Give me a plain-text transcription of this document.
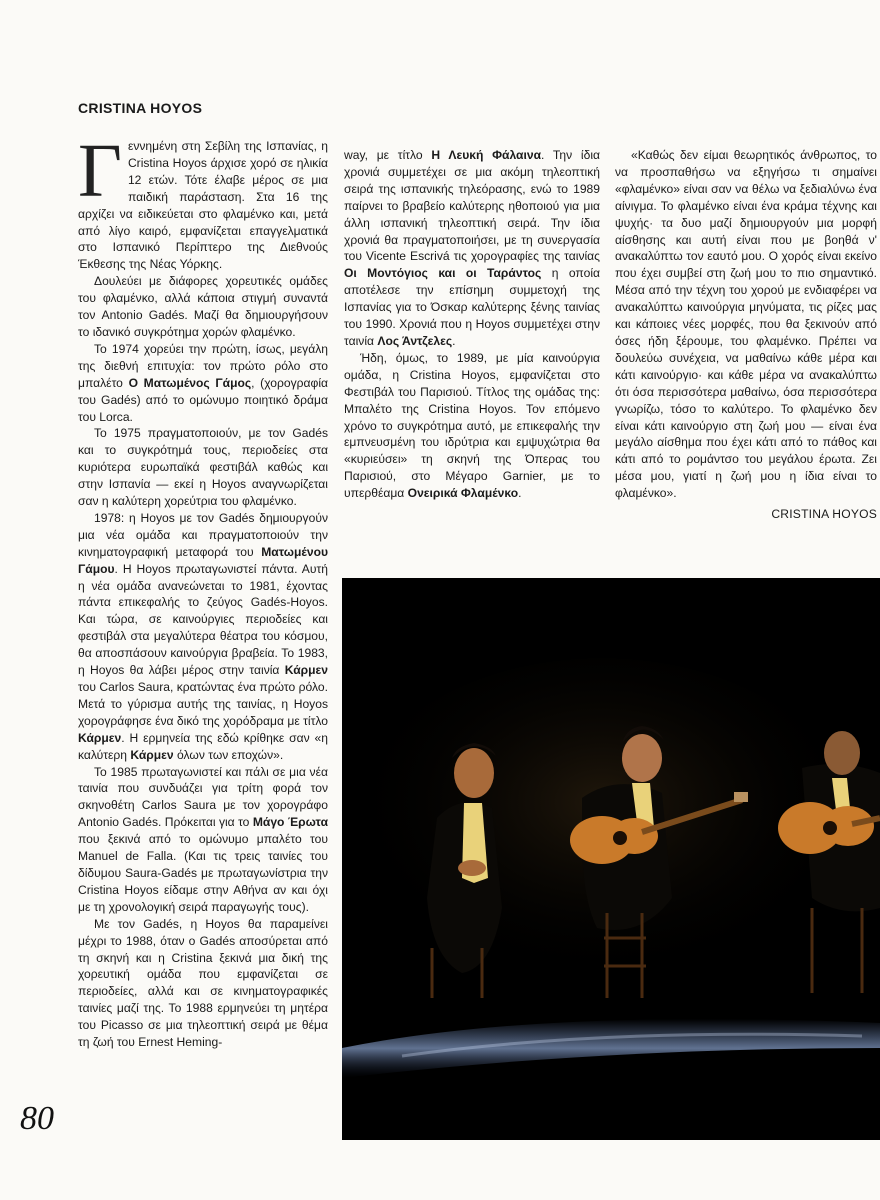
CRISTINA HOYOS
Γ εννημένη στη Σεβίλη της Ισπανίας, η Cristina Hoyos άρχισε χορό σε ηλικία 12 ετών. Τότε έλαβε μέρος σε μια παιδική παράσταση. Στα 16 της αρχίζει να ειδικεύεται στο φλαμένκο και, μετά από λίγο καιρό, εμφανίζεται επαγγελματικά στο Ισπανικό Περίπτερο της Διεθνούς Έκθεσης της Νέας Υόρκης.

Δουλεύει με διάφορες χορευτικές ομάδες του φλαμένκο, αλλά κάποια στιγμή συναντά τον Antonio Gadés. Μαζί θα δημιουργήσουν το ιδανικό συγκρότημα χορών φλαμένκο.

Το 1974 χορεύει την πρώτη, ίσως, μεγάλη της διεθνή επιτυχία: τον πρώτο ρόλο στο μπαλέτο Ο Ματωμένος Γάμος, (χορογραφία του Gadés) από το ομώνυμο ποιητικό δράμα του Lorca.

Το 1975 πραγματοποιούν, με τον Gadés και το συγκρότημά τους, περιοδείες στα κυριότερα ευρωπαϊκά φεστιβάλ καθώς και στην Ισπανία — εκεί η Hoyos αναγνωρίζεται σαν η καλύτερη χορεύτρια του φλαμένκο.

1978: η Hoyos με τον Gadés δημιουργούν μια νέα ομάδα και πραγματοποιούν την κινηματογραφική μεταφορά του Ματωμένου Γάμου. Η Hoyos πρωταγωνιστεί πάντα. Αυτή η νέα ομάδα ανανεώνεται το 1981, έχοντας πάντα επικεφαλής το ζεύγος Gadés-Hoyos. Και τώρα, σε καινούργιες περιοδείες και φεστιβάλ στα μεγαλύτερα θέατρα του κόσμου, θα αποσπάσουν καινούργια βραβεία. Το 1983, η Hoyos θα λάβει μέρος στην ταινία Κάρμεν του Carlos Saura, κρατώντας ένα πρώτο ρόλο. Μετά το γύρισμα αυτής της ταινίας, η Hoyos χορογράφησε ένα δικό της χορόδραμα με τίτλο Κάρμεν. Η ερμηνεία της εδώ κρίθηκε σαν «η καλύτερη Κάρμεν όλων των εποχών».

Το 1985 πρωταγωνιστεί και πάλι σε μια νέα ταινία που συνδυάζει για τρίτη φορά τον σκηνοθέτη Carlos Saura με τον χορογράφο Antonio Gadés. Πρόκειται για το Μάγο Έρωτα που ξεκινά από το ομώνυμο μπαλέτο του Manuel de Falla. (Και τις τρεις ταινίες του δίδυμου Saura-Gadés με πρωταγωνίστρια την Cristina Hoyos είδαμε στην Αθήνα αν και όχι με τη χρονολογική σειρά παραγωγής τους).

Με τον Gadés, η Hoyos θα παραμείνει μέχρι το 1988, όταν ο Gadés αποσύρεται από τη σκηνή και η Cristina ξεκινά μια δική της χορευτική ομάδα που εμφανίζεται σε περιοδείες, αλλά και σε κινηματογραφικές ταινίες μαζί της. Το 1988 ερμηνεύει τη μητέρα του Picasso σε μια τηλεοπτική σειρά με θέμα τη ζωή του Ernest Heming-

way, με τίτλο Η Λευκή Φάλαινα. Την ίδια χρονιά συμμετέχει σε μια ακόμη τηλεοπτική σειρά της ισπανικής τηλεόρασης, ενώ το 1989 παίρνει το βραβείο καλύτερης ηθοποιού για μια άλλη ισπανική τηλεοπτική σειρά. Την ίδια χρονιά θα πραγματοποιήσει, με τη συνεργασία του Vicente Escrivá τις χορογραφίες της ταινίας Οι Μοντόγιος και οι Ταράντος η οποία αποτέλεσε την επίσημη συμμετοχή της Ισπανίας για το Όσκαρ καλύτερης ξένης ταινίας του 1990. Χρονιά που η Hoyos συμμετέχει στην ταινία Λος Άντζελες.

Ήδη, όμως, το 1989, με μία καινούργια ομάδα, η Cristina Hoyos, εμφανίζεται στο Φεστιβάλ του Παρισιού. Τίτλος της ομάδας της: Μπαλέτο της Cristina Hoyos. Τον επόμενο χρόνο το συγκρότημα αυτό, με επικεφαλής την εμπνευσμένη του ιδρύτρια και εμψυχώτρια θα «κυριεύσει» τη σκηνή της Όπερας του Παρισιού, στο Μέγαρο Garnier, με το υπερθέαμα Ονειρικά Φλαμένκο.

«Καθώς δεν είμαι θεωρητικός άνθρωπος, το να προσπαθήσω να εξηγήσω τι σημαίνει «φλαμένκο» είναι σαν να θέλω να ξεδιαλύνω ένα αίνιγμα. Το φλαμένκο είναι ένα κράμα τέχνης και ψυχής· τα δυο μαζί δημιουργούν μια μορφή αίσθησης και αυτή είναι που με βοηθά ν' ανακαλύπτω τον εαυτό μου. Ο χορός είναι εκείνο που έχει συμβεί στη ζωή μου το πιο σημαντικό. Μέσα από την τέχνη του χορού με ενδιαφέρει να ανακαλύπτω καινούργια μηνύματα, τις ρίζες μας και κάποιες νέες μορφές, που θα ξεκινούν από όσες ήδη ξέρουμε, του φλαμένκο. Πρέπει να δουλεύω συνέχεια, να μαθαίνω κάθε μέρα και κάτι καινούργιο· και κάθε μέρα να ανακαλύπτω ότι όσα περισσότερα μαθαίνω, όσα περισσότερα γνωρίζω, τόσο το καλύτερο. Το φλαμένκο δεν είναι κάτι καινούργιο στη ζωή μου — είναι ένα μεγάλο αίσθημα που έχει κάτι από το πάθος και κάτι από το ρομάντσο του μεγάλου έρωτα. Ζει μέσα μου, γιατί η ζωή μου η ίδια είναι το φλαμένκο».

CRISTINA HOYOS
80
